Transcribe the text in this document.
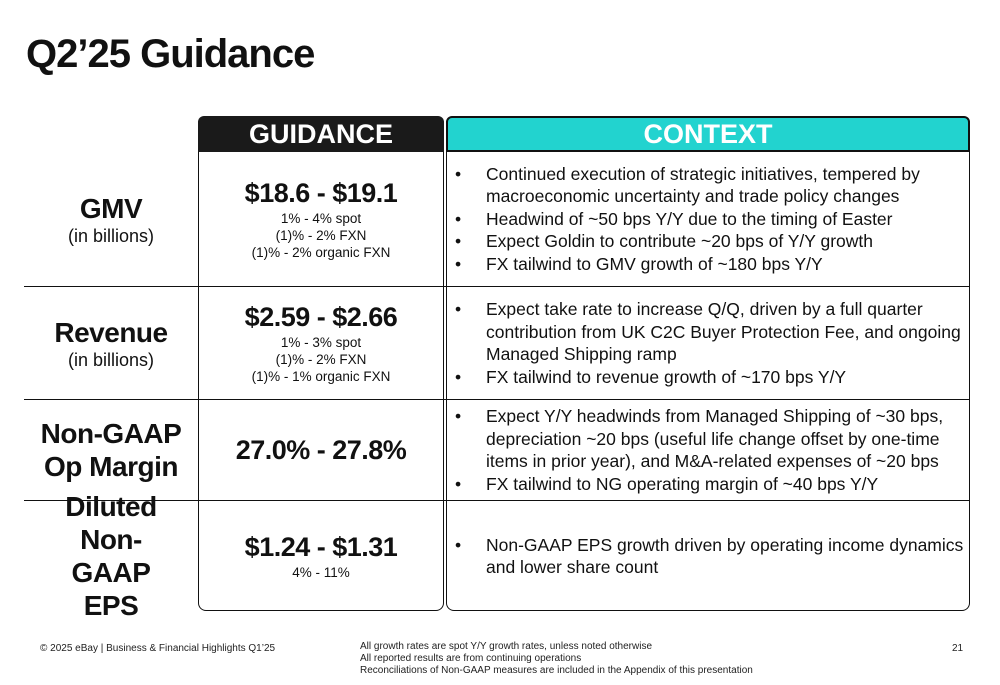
Q2’25 Guidance
GUIDANCE	CONTEXT
GMV
(in billions)
$18.6 - $19.1
1% - 4% spot
(1)% - 2% FXN
(1)% - 2% organic FXN
• Continued execution of strategic initiatives, tempered by macroeconomic uncertainty and trade policy changes
• Headwind of ~50 bps Y/Y due to the timing of Easter
• Expect Goldin to contribute ~20 bps of Y/Y growth
• FX tailwind to GMV growth of ~180 bps Y/Y
Revenue
(in billions)
$2.59 - $2.66
1% - 3% spot
(1)% - 2% FXN
(1)% - 1% organic FXN
• Expect take rate to increase Q/Q, driven by a full quarter contribution from UK C2C Buyer Protection Fee, and ongoing Managed Shipping ramp
• FX tailwind to revenue growth of ~170 bps Y/Y
Non-GAAP Op Margin
27.0% - 27.8%
• Expect Y/Y headwinds from Managed Shipping of ~30 bps, depreciation ~20 bps (useful life change offset by one-time items in prior year), and M&A-related expenses of ~20 bps
• FX tailwind to NG operating margin of ~40 bps Y/Y
Diluted Non-GAAP EPS
$1.24 - $1.31
4% - 11%
• Non-GAAP EPS growth driven by operating income dynamics and lower share count
© 2025 eBay | Business & Financial Highlights Q1’25	All growth rates are spot Y/Y growth rates, unless noted otherwise
All reported results are from continuing operations
Reconciliations of Non-GAAP measures are included in the Appendix of this presentation
21
